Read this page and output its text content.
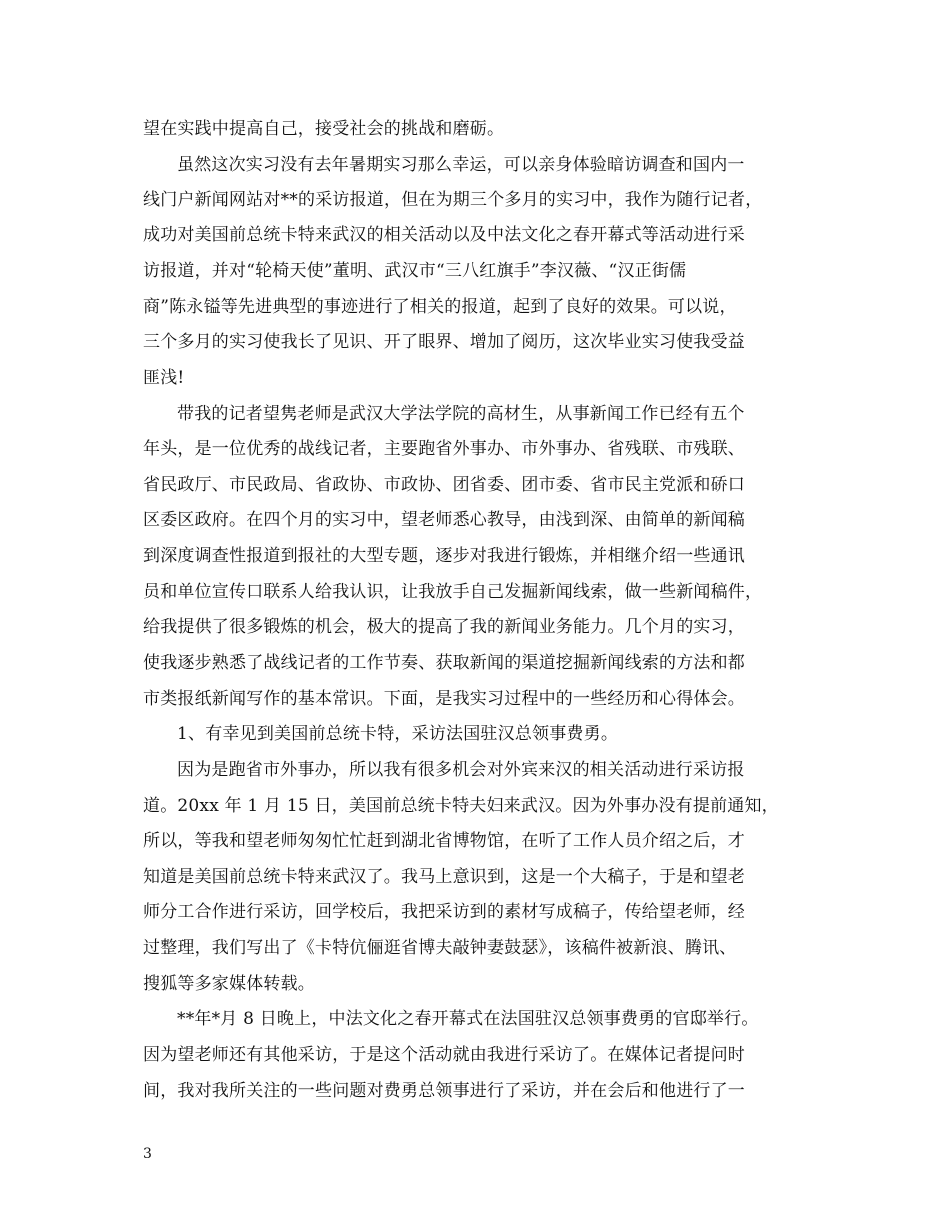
望在实践中提高自己，接受社会的挑战和磨砺。
虽然这次实习没有去年暑期实习那么幸运，可以亲身体验暗访调查和国内一
线门户新闻网站对**的采访报道，但在为期三个多月的实习中，我作为随行记者，
成功对美国前总统卡特来武汉的相关活动以及中法文化之春开幕式等活动进行采
访报道，并对“轮椅天使”董明、武汉市“三八红旗手”李汉薇、“汉正街儒
商”陈永镒等先进典型的事迹进行了相关的报道，起到了良好的效果。可以说，
三个多月的实习使我长了见识、开了眼界、增加了阅历，这次毕业实习使我受益
匪浅!
带我的记者望隽老师是武汉大学法学院的高材生，从事新闻工作已经有五个
年头，是一位优秀的战线记者，主要跑省外事办、市外事办、省残联、市残联、
省民政厅、市民政局、省政协、市政协、团省委、团市委、省市民主党派和硚口
区委区政府。在四个月的实习中，望老师悉心教导，由浅到深、由简单的新闻稿
到深度调查性报道到报社的大型专题，逐步对我进行锻炼，并相继介绍一些通讯
员和单位宣传口联系人给我认识，让我放手自己发掘新闻线索，做一些新闻稿件，
给我提供了很多锻炼的机会，极大的提高了我的新闻业务能力。几个月的实习，
使我逐步熟悉了战线记者的工作节奏、获取新闻的渠道挖掘新闻线索的方法和都
市类报纸新闻写作的基本常识。下面，是我实习过程中的一些经历和心得体会。
1、有幸见到美国前总统卡特，采访法国驻汉总领事费勇。
因为是跑省市外事办，所以我有很多机会对外宾来汉的相关活动进行采访报
道。20xx 年 1 月 15 日，美国前总统卡特夫妇来武汉。因为外事办没有提前通知，
所以，等我和望老师匆匆忙忙赶到湖北省博物馆，在听了工作人员介绍之后，才
知道是美国前总统卡特来武汉了。我马上意识到，这是一个大稿子，于是和望老
师分工合作进行采访，回学校后，我把采访到的素材写成稿子，传给望老师，经
过整理，我们写出了《卡特伉俪逛省博夫敲钟妻鼓瑟》，该稿件被新浪、腾讯、
搜狐等多家媒体转载。
**年*月 8 日晚上，中法文化之春开幕式在法国驻汉总领事费勇的官邸举行。
因为望老师还有其他采访，于是这个活动就由我进行采访了。在媒体记者提问时
间，我对我所关注的一些问题对费勇总领事进行了采访，并在会后和他进行了一
3
